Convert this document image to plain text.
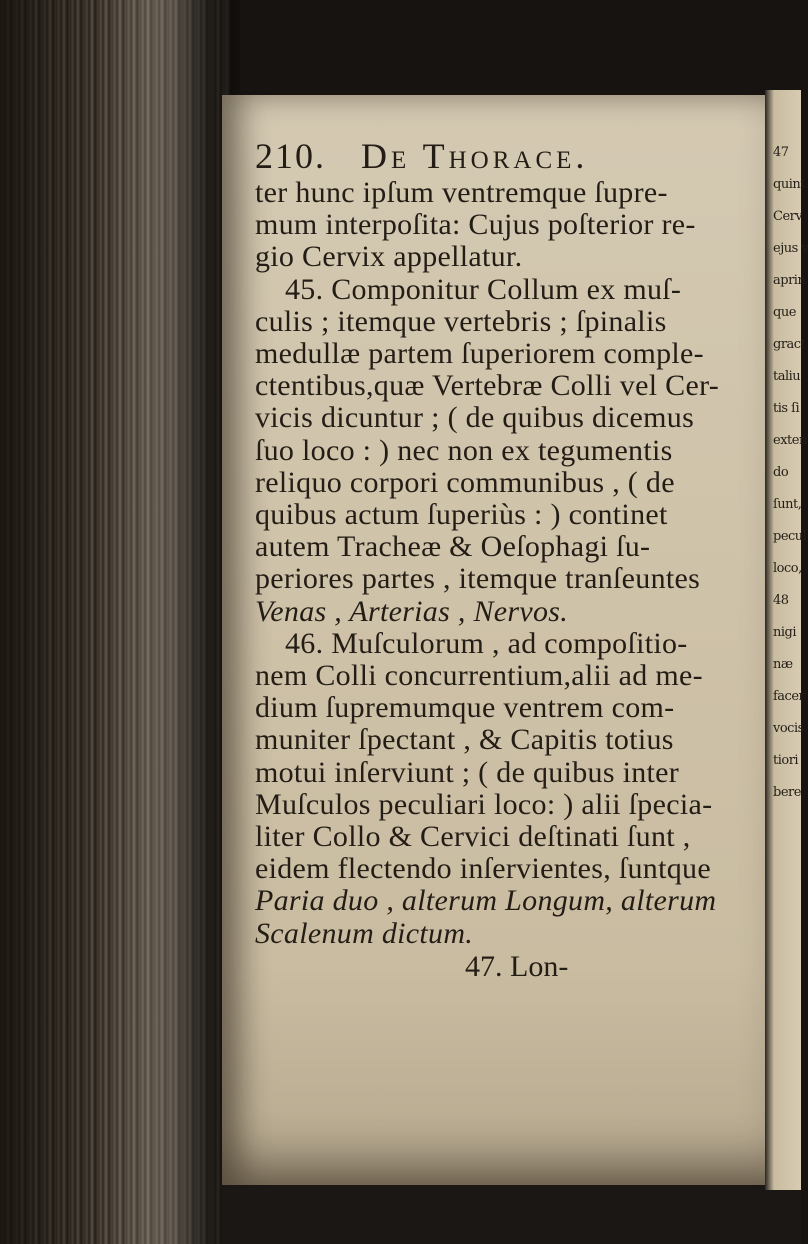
47
quint
Cerv
ejus v
aprin
que
gract
taliu
tis ſi
exten
do
ſunt,
pecul
loco,
48
nigi
næ
facer
vocis
tiori
bere
210. De Thorace.
ter hunc ipſum ventremque ſupre-
mum interpoſita: Cujus poſterior re-
gio Cervix appellatur.
45. Componitur Collum ex muſ-
culis ; itemque vertebris ; ſpinalis
medullæ partem ſuperiorem comple-
ctentibus,quæ Vertebræ Colli vel Cer-
vicis dicuntur ; ( de quibus dicemus
ſuo loco : ) nec non ex tegumentis
reliquo corpori communibus , ( de
quibus actum ſuperiùs : ) continet
autem Tracheæ & Oeſophagi ſu-
periores partes , itemque tranſeuntes
Venas , Arterias , Nervos.
46. Muſculorum , ad compoſitio-
nem Colli concurrentium,alii ad me-
dium ſupremumque ventrem com-
muniter ſpectant , & Capitis totius
motui inſerviunt ; ( de quibus inter
Muſculos peculiari loco: ) alii ſpecia-
liter Collo & Cervici deſtinati ſunt ,
eidem flectendo inſervientes, ſuntque
Paria duo , alterum Longum, alterum
Scalenum dictum.
47. Lon-
